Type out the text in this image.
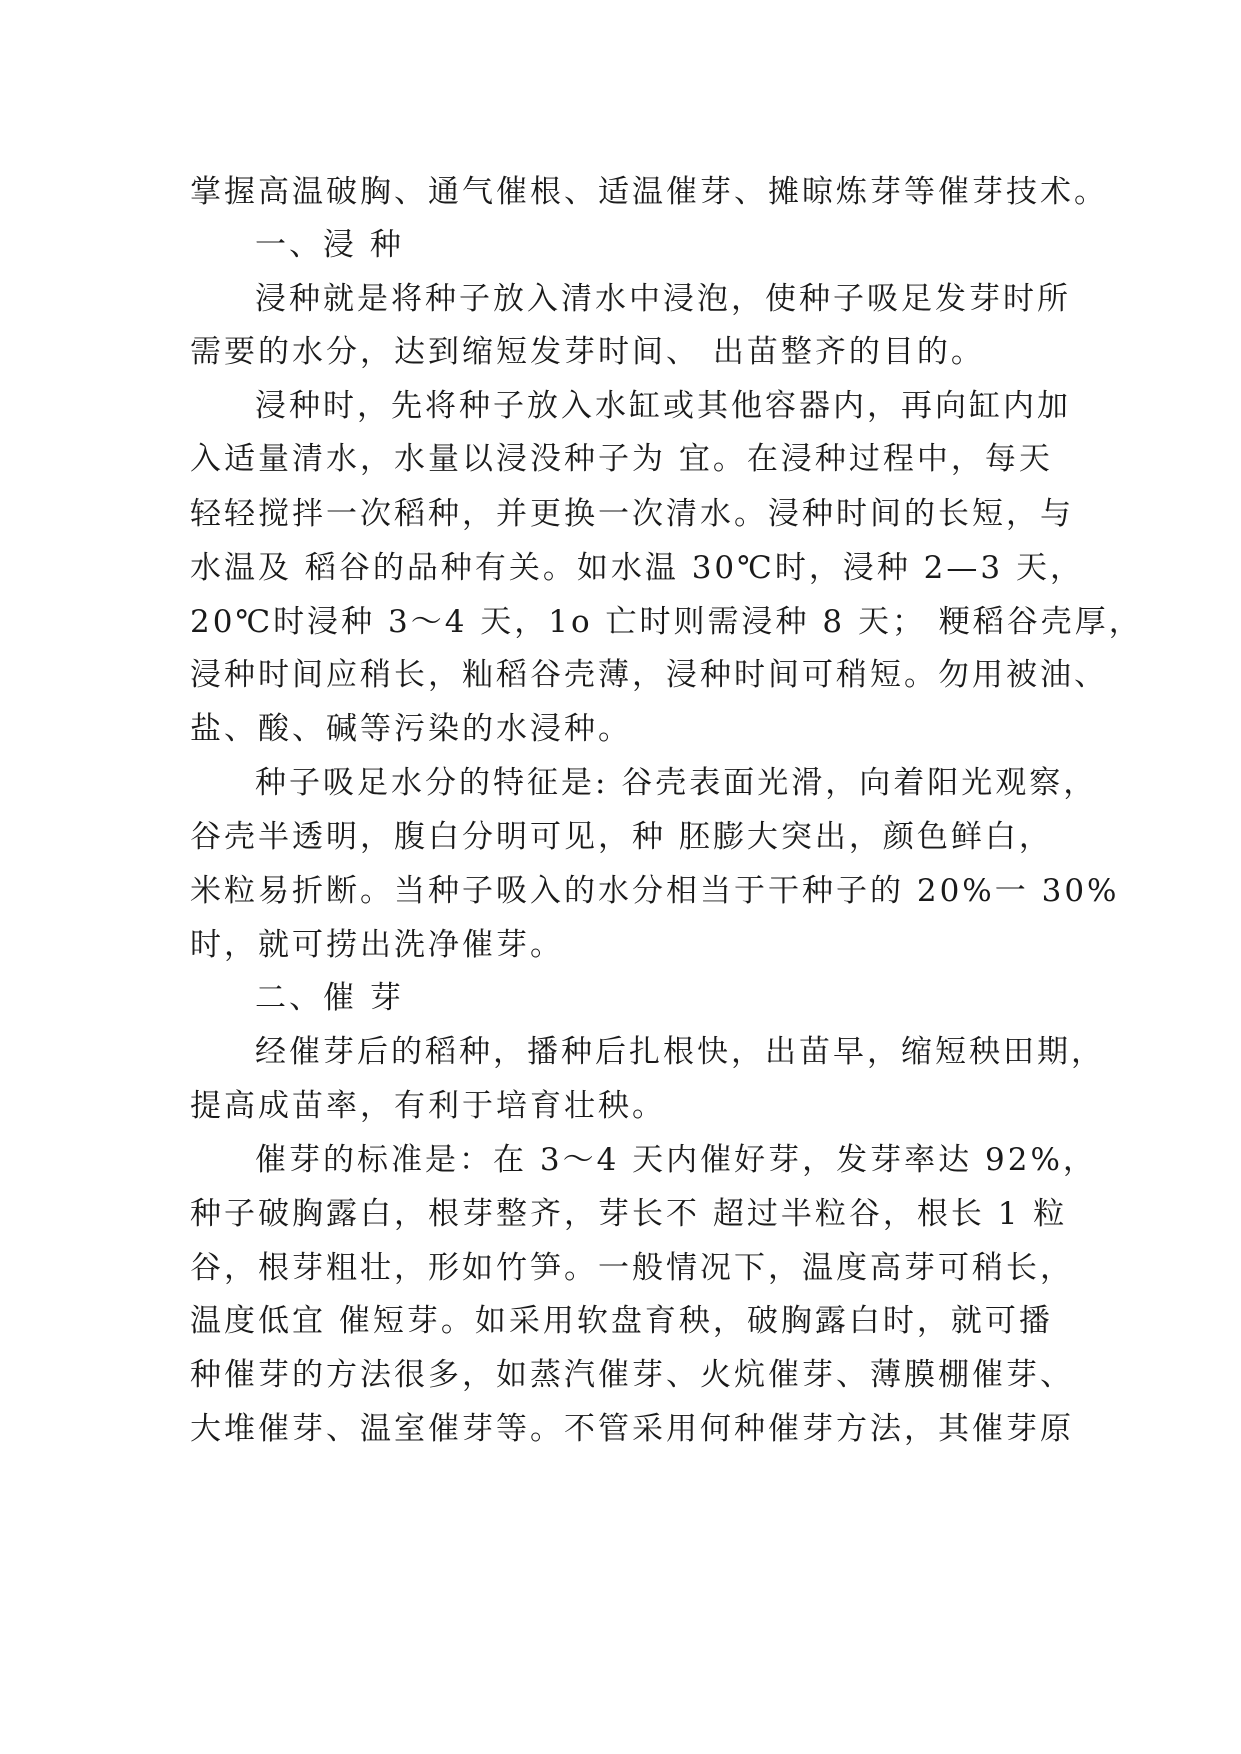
掌握高温破胸、通气催根、适温催芽、摊晾炼芽等催芽技术。
一、浸 种
浸种就是将种子放入清水中浸泡，使种子吸足发芽时所
需要的水分，达到缩短发芽时间、 出苗整齐的目的。
浸种时，先将种子放入水缸或其他容器内，再向缸内加
入适量清水，水量以浸没种子为 宜。在浸种过程中，每天
轻轻搅拌一次稻种，并更换一次清水。浸种时间的长短，与
水温及 稻谷的品种有关。如水温 30℃时，浸种 2—3 天，
20℃时浸种 3～4 天，1o 亡时则需浸种 8 天； 粳稻谷壳厚，
浸种时间应稍长，籼稻谷壳薄，浸种时间可稍短。勿用被油、
盐、酸、碱等污染的水浸种。
种子吸足水分的特征是: 谷壳表面光滑，向着阳光观察，
谷壳半透明，腹白分明可见，种 胚膨大突出，颜色鲜白，
米粒易折断。当种子吸入的水分相当于干种子的 20%一 30%
时，就可捞出洗净催芽。
二、催 芽
经催芽后的稻种，播种后扎根快，出苗早，缩短秧田期，
提高成苗率，有利于培育壮秧。
催芽的标准是：在 3～4 天内催好芽，发芽率达 92%，
种子破胸露白，根芽整齐，芽长不 超过半粒谷，根长 1 粒
谷，根芽粗壮，形如竹笋。一般情况下，温度高芽可稍长，
温度低宜 催短芽。如采用软盘育秧，破胸露白时，就可播
种催芽的方法很多，如蒸汽催芽、火炕催芽、薄膜棚催芽、
大堆催芽、温室催芽等。不管采用何种催芽方法，其催芽原
